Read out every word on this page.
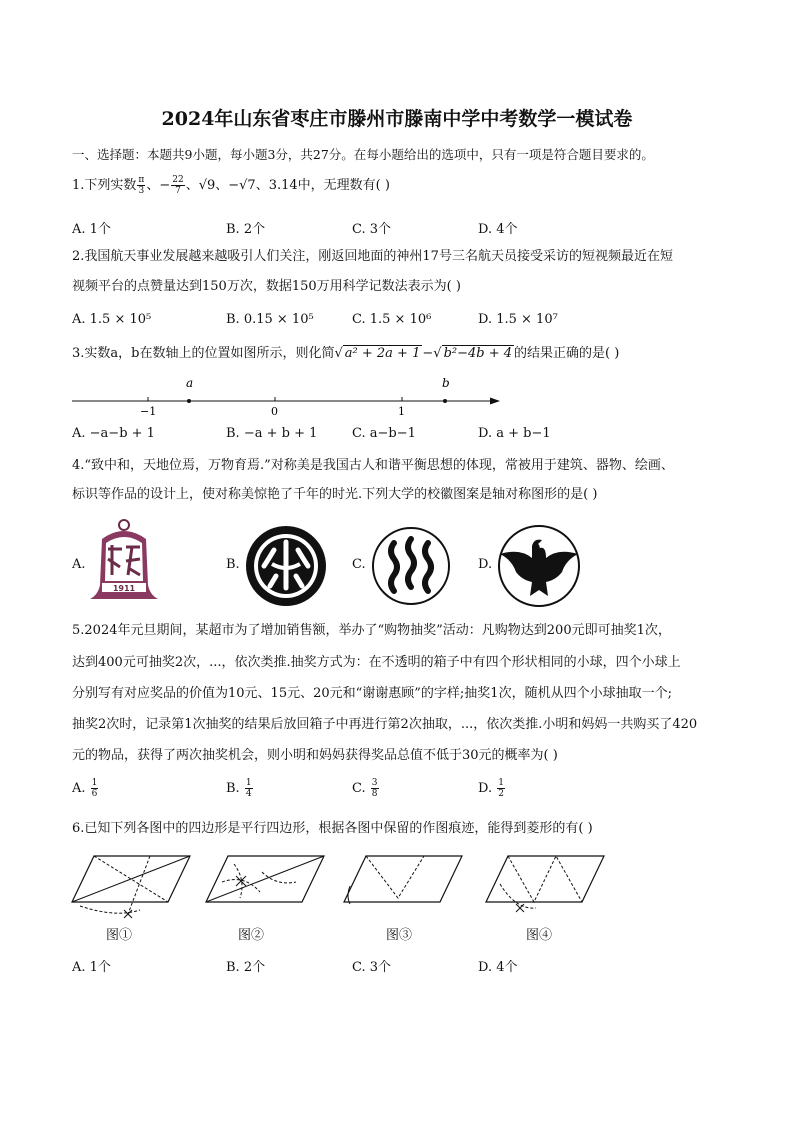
2024年山东省枣庄市滕州市滕南中学中考数学一模试卷
一、选择题：本题共9小题，每小题3分，共27分。在每小题给出的选项中，只有一项是符合题目要求的。
1.下列实数 $\frac{\pi}{3}$ 、− $\frac{22}{7}$ 、√9、−√7、3.14中，无理数有( )
A. 1个	B. 2个	C. 3个	D. 4个
2.我国航天事业发展越来越吸引人们关注，刚返回地面的神州17号三名航天员接受采访的短视频最近在短
视频平台的点赞量达到150万次，数据150万用科学记数法表示为( )
A. 1.5 × 10⁵	B. 0.15 × 10⁵	C. 1.5 × 10⁶	D. 1.5 × 10⁷
3.实数a，b在数轴上的位置如图所示，则化简√ a² + 2a + 1 −√ b²−4b + 4 的结果正确的是( )
a	b
−1	0	1
A. −a−b + 1	B. −a + b + 1	C. a−b−1	D. a + b−1
4.“致中和，天地位焉，万物育焉.”对称美是我国古人和谐平衡思想的体现，常被用于建筑、器物、绘画、
标识等作品的设计上，使对称美惊艳了千年的时光.下列大学的校徽图案是轴对称图形的是( )
A.	B.	C.	D.
1911
5.2024年元旦期间，某超市为了增加销售额，举办了“购物抽奖”活动：凡购物达到200元即可抽奖1次，
达到400元可抽奖2次，...，依次类推.抽奖方式为：在不透明的箱子中有四个形状相同的小球，四个小球上
分别写有对应奖品的价值为10元、15元、20元和“谢谢惠顾”的字样;抽奖1次，随机从四个小球抽取一个;
抽奖2次时，记录第1次抽奖的结果后放回箱子中再进行第2次抽取，...，依次类推.小明和妈妈一共购买了420
元的物品，获得了两次抽奖机会，则小明和妈妈获得奖品总值不低于30元的概率为( )
A. $\frac{1}{6}$	B. $\frac{1}{4}$	C. $\frac{3}{8}$	D. $\frac{1}{2}$
6.已知下列各图中的四边形是平行四边形，根据各图中保留的作图痕迹，能得到菱形的有( )
图①	图②	图③	图④
A. 1个	B. 2个	C. 3个	D. 4个
